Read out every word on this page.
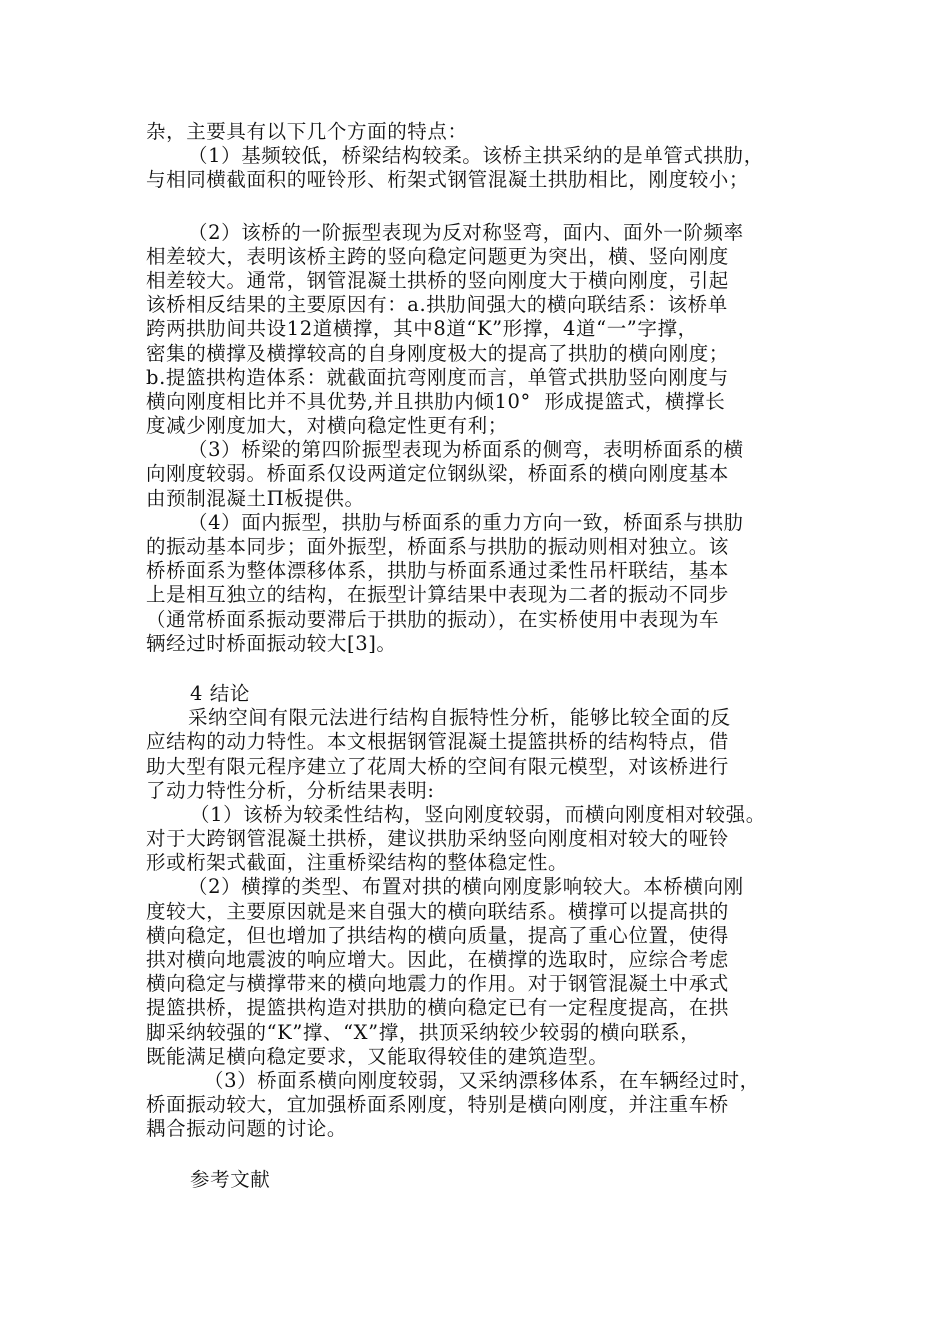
杂，主要具有以下几个方面的特点：
（1）基频较低，桥梁结构较柔。该桥主拱采纳的是单管式拱肋，
与相同横截面积的哑铃形、桁架式钢管混凝土拱肋相比，刚度较小；
（2）该桥的一阶振型表现为反对称竖弯，面内、面外一阶频率
相差较大，表明该桥主跨的竖向稳定问题更为突出，横、竖向刚度
相差较大。通常，钢管混凝土拱桥的竖向刚度大于横向刚度，引起
该桥相反结果的主要原因有：a.拱肋间强大的横向联结系：该桥单
跨两拱肋间共设12道横撑，其中8道“K”形撑，4道“一”字撑，
密集的横撑及横撑较高的自身刚度极大的提高了拱肋的横向刚度；
b.提篮拱构造体系：就截面抗弯刚度而言，单管式拱肋竖向刚度与
横向刚度相比并不具优势,并且拱肋内倾10°  形成提篮式，横撑长
度减少刚度加大，对横向稳定性更有利；
（3）桥梁的第四阶振型表现为桥面系的侧弯，表明桥面系的横
向刚度较弱。桥面系仅设两道定位钢纵梁，桥面系的横向刚度基本
由预制混凝土Π板提供。
（4）面内振型，拱肋与桥面系的重力方向一致，桥面系与拱肋
的振动基本同步；面外振型，桥面系与拱肋的振动则相对独立。该
桥桥面系为整体漂移体系，拱肋与桥面系通过柔性吊杆联结，基本
上是相互独立的结构，在振型计算结果中表现为二者的振动不同步
（通常桥面系振动要滞后于拱肋的振动），在实桥使用中表现为车
辆经过时桥面振动较大[3]。
4 结论
采纳空间有限元法进行结构自振特性分析，能够比较全面的反
应结构的动力特性。本文根据钢管混凝土提篮拱桥的结构特点，借
助大型有限元程序建立了花周大桥的空间有限元模型，对该桥进行
了动力特性分析，分析结果表明:
（1）该桥为较柔性结构，竖向刚度较弱，而横向刚度相对较强。
对于大跨钢管混凝土拱桥，建议拱肋采纳竖向刚度相对较大的哑铃
形或桁架式截面，注重桥梁结构的整体稳定性。
（2）横撑的类型、布置对拱的横向刚度影响较大。本桥横向刚
度较大，主要原因就是来自强大的横向联结系。横撑可以提高拱的
横向稳定，但也增加了拱结构的横向质量，提高了重心位置，使得
拱对横向地震波的响应增大。因此，在横撑的选取时，应综合考虑
横向稳定与横撑带来的横向地震力的作用。对于钢管混凝土中承式
提篮拱桥，提篮拱构造对拱肋的横向稳定已有一定程度提高，在拱
脚采纳较强的“K”撑、“X”撑，拱顶采纳较少较弱的横向联系，
既能满足横向稳定要求，又能取得较佳的建筑造型。
（3）桥面系横向刚度较弱，又采纳漂移体系，在车辆经过时，
桥面振动较大，宜加强桥面系刚度，特别是横向刚度，并注重车桥
耦合振动问题的讨论。
参考文献
